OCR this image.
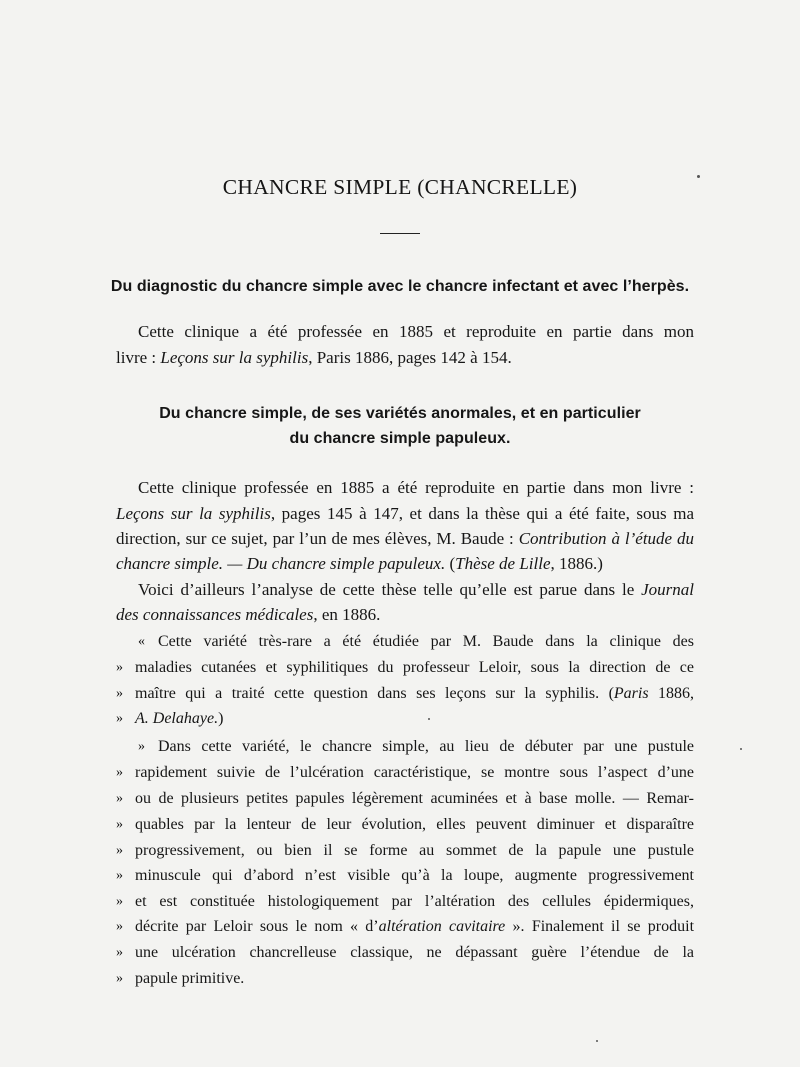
CHANCRE SIMPLE (CHANCRELLE)
Du diagnostic du chancre simple avec le chancre infectant et avec l’herpès.
Cette clinique a été professée en 1885 et reproduite en partie dans mon
livre : Leçons sur la syphilis, Paris 1886, pages 142 à 154.
Du chancre simple, de ses variétés anormales, et en particulier
du chancre simple papuleux.
Cette clinique professée en 1885 a été reproduite en partie dans mon livre :
Leçons sur la syphilis, pages 145 à 147, et dans la thèse qui a été faite, sous ma
direction, sur ce sujet, par l’un de mes élèves, M. Baude : Contribution à l’étude du
chancre simple. — Du chancre simple papuleux. (Thèse de Lille, 1886.)
Voici d’ailleurs l’analyse de cette thèse telle qu’elle est parue dans le Journal
des connaissances médicales, en 1886.
« Cette variété très-rare a été étudiée par M. Baude dans la clinique des
» maladies cutanées et syphilitiques du professeur Leloir, sous la direction de ce
» maître qui a traité cette question dans ses leçons sur la syphilis. (Paris 1886,
» A. Delahaye.)
» Dans cette variété, le chancre simple, au lieu de débuter par une pustule
» rapidement suivie de l’ulcération caractéristique, se montre sous l’aspect d’une
» ou de plusieurs petites papules légèrement acuminées et à base molle. — Remar-
» quables par la lenteur de leur évolution, elles peuvent diminuer et disparaître
» progressivement, ou bien il se forme au sommet de la papule une pustule
» minuscule qui d’abord n’est visible qu’à la loupe, augmente progressivement
» et est constituée histologiquement par l’altération des cellules épidermiques,
» décrite par Leloir sous le nom « d’altération cavitaire ». Finalement il se produit
» une ulcération chancrelleuse classique, ne dépassant guère l’étendue de la
» papule primitive.
